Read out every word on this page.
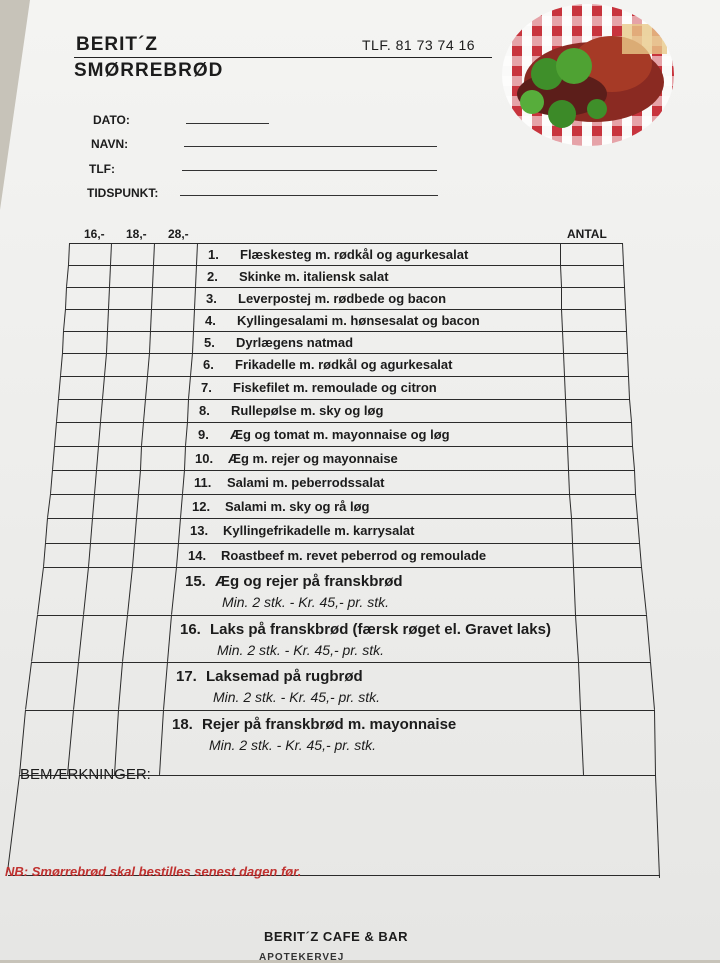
BERIT´Z
SMØRREBRØD
TLF. 81 73 74 16
DATO:
NAVN:
TLF:
TIDSPUNKT:
16,- 18,- 28,-	ANTAL
1. Flæskesteg m. rødkål og agurkesalat
2. Skinke m. italiensk salat
3. Leverpostej m. rødbede og bacon
4. Kyllingesalami m. hønsesalat og bacon
5. Dyrlægens natmad
6. Frikadelle m. rødkål og agurkesalat
7. Fiskefilet m. remoulade og citron
8. Rullepølse m. sky og løg
9. Æg og tomat m. mayonnaise og løg
10. Æg m. rejer og mayonnaise
11. Salami m. peberrodssalat
12. Salami m. sky og rå løg
13. Kyllingefrikadelle m. karrysalat
14. Roastbeef m. revet peberrod og remoulade
15. Æg og rejer på franskbrød
Min. 2 stk. - Kr. 45,- pr. stk.
16. Laks på franskbrød (færsk røget el. Gravet laks)
Min. 2 stk. - Kr. 45,- pr. stk.
17. Laksemad på rugbrød
Min. 2 stk. - Kr. 45,- pr. stk.
18. Rejer på franskbrød m. mayonnaise
Min. 2 stk. - Kr. 45,- pr. stk.
BEMÆRKNINGER:
NB: Smørrebrød skal bestilles senest dagen før.
BERIT´Z CAFE & BAR
APOTEKERVEJ
